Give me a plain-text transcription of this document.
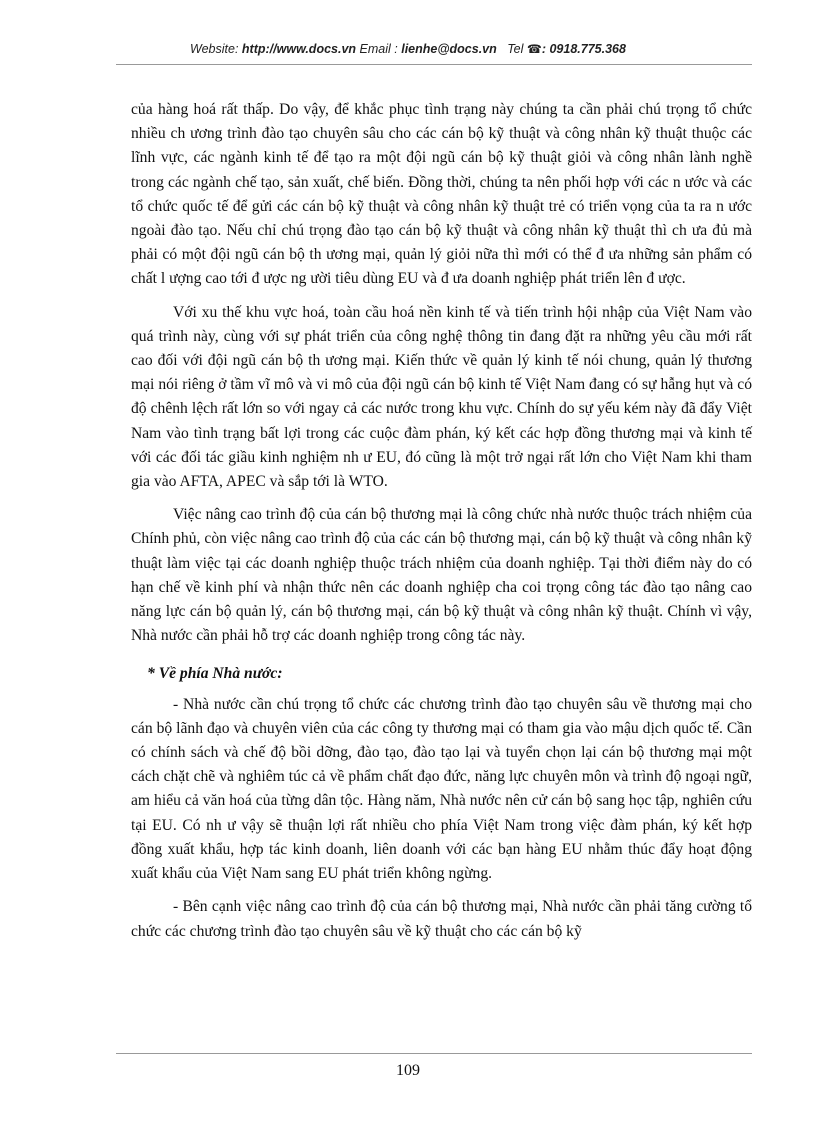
Website: http://www.docs.vn Email : lienhe@docs.vn Tel ☎: 0918.775.368

của hàng hoá rất thấp. Do vậy, để khắc phục tình trạng này chúng ta cần phải chú trọng tổ chức nhiều ch ương trình đào tạo chuyên sâu cho các cán bộ kỹ thuật và công nhân kỹ thuật thuộc các lĩnh vực, các ngành kinh tế để tạo ra một đội ngũ cán bộ kỹ thuật giỏi và công nhân lành nghề trong các ngành chế tạo, sản xuất, chế biến. Đồng thời, chúng ta nên phối hợp với các n ước và các tổ chức quốc tế để gửi các cán bộ kỹ thuật và công nhân kỹ thuật trẻ có triển vọng của ta ra n ước ngoài đào tạo. Nếu chỉ chú trọng đào tạo cán bộ kỹ thuật và công nhân kỹ thuật thì ch ưa đủ mà phải có một đội ngũ cán bộ th ương mại, quản lý giỏi nữa thì mới có thể đ ưa những sản phẩm có chất l ượng cao tới đ ược ng ười tiêu dùng EU và đ ưa doanh nghiệp phát triển lên đ ược.

Với xu thế khu vực hoá, toàn cầu hoá nền kinh tế và tiến trình hội nhập của Việt Nam vào quá trình này, cùng với sự phát triển của công nghệ thông tin đang đặt ra những yêu cầu mới rất cao đối với đội ngũ cán bộ th ương mại. Kiến thức về quản lý kinh tế nói chung, quản lý thương mại nói riêng ở tầm vĩ mô và vi mô của đội ngũ cán bộ kinh tế Việt Nam đang có sự hẫng hụt và có độ chênh lệch rất lớn so với ngay cả các nước trong khu vực. Chính do sự yếu kém này đã đẩy Việt Nam vào tình trạng bất lợi trong các cuộc đàm phán, ký kết các hợp đồng thương mại và kinh tế với các đối tác giầu kinh nghiệm nh ư EU, đó cũng là một trở ngại rất lớn cho Việt Nam khi tham gia vào AFTA, APEC và sắp tới là WTO.

Việc nâng cao trình độ của cán bộ thương mại là công chức nhà nước thuộc trách nhiệm của Chính phủ, còn việc nâng cao trình độ của các cán bộ thương mại, cán bộ kỹ thuật và công nhân kỹ thuật làm việc tại các doanh nghiệp thuộc trách nhiệm của doanh nghiệp. Tại thời điểm này do có hạn chế về kinh phí và nhận thức nên các doanh nghiệp cha coi trọng công tác đào tạo nâng cao năng lực cán bộ quản lý, cán bộ thương mại, cán bộ kỹ thuật và công nhân kỹ thuật. Chính vì vậy, Nhà nước cần phải hỗ trợ các doanh nghiệp trong công tác này.

* Về phía Nhà nước:

- Nhà nước cần chú trọng tổ chức các chương trình đào tạo chuyên sâu về thương mại cho cán bộ lãnh đạo và chuyên viên của các công ty thương mại có tham gia vào mậu dịch quốc tế. Cần có chính sách và chế độ bồi dỡng, đào tạo, đào tạo lại và tuyển chọn lại cán bộ thương mại một cách chặt chẽ và nghiêm túc cả về phẩm chất đạo đức, năng lực chuyên môn và trình độ ngoại ngữ, am hiểu cả văn hoá của từng dân tộc. Hàng năm, Nhà nước nên cử cán bộ sang học tập, nghiên cứu tại EU. Có nh ư vậy sẽ thuận lợi rất nhiều cho phía Việt Nam trong việc đàm phán, ký kết hợp đồng xuất khẩu, hợp tác kinh doanh, liên doanh với các bạn hàng EU nhằm thúc đẩy hoạt động xuất khẩu của Việt Nam sang EU phát triển không ngừng.

- Bên cạnh việc nâng cao trình độ của cán bộ thương mại, Nhà nước cần phải tăng cường tổ chức các chương trình đào tạo chuyên sâu về kỹ thuật cho các cán bộ kỹ

109
